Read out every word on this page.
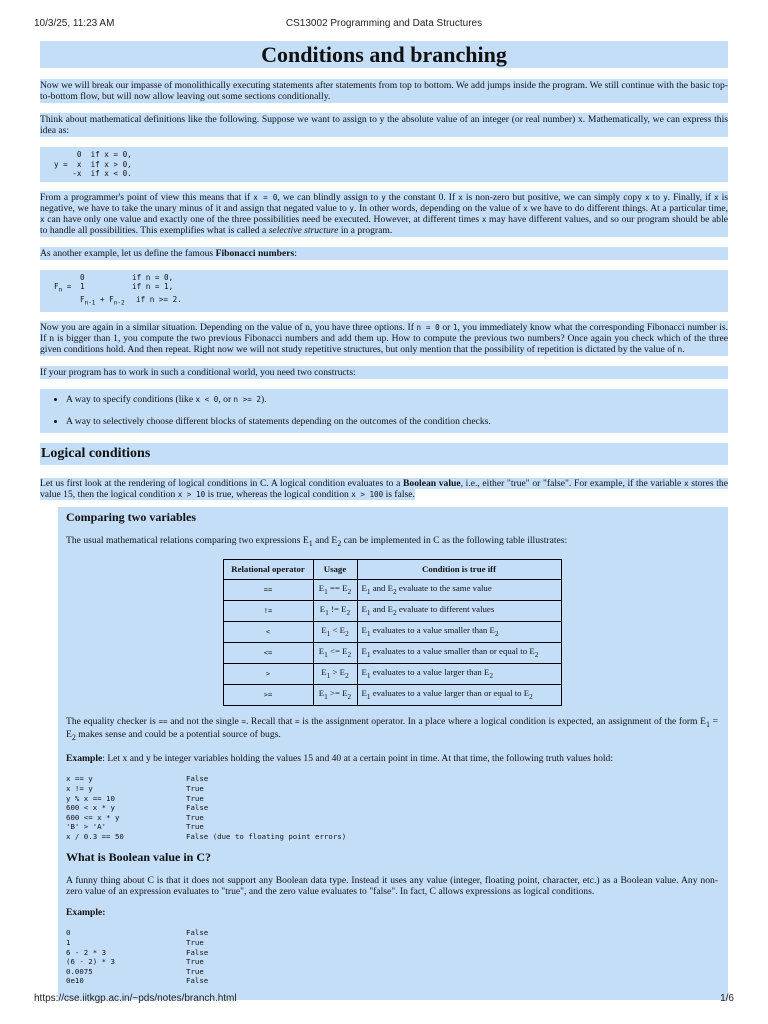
10/3/25, 11:23 AM	CS13002 Programming and Data Structures
Conditions and branching
Now we will break our impasse of monolithically executing statements after statements from top to bottom. We add jumps inside the program. We still continue with the basic top-to-bottom flow, but will now allow leaving out some sections conditionally.
Think about mathematical definitions like the following. Suppose we want to assign to y the absolute value of an integer (or real number) x. Mathematically, we can express this idea as:
0  if x = 0,
y =  x  if x > 0,
-x  if x < 0.
From a programmer's point of view this means that if x = 0, we can blindly assign to y the constant 0. If x is non-zero but positive, we can simply copy x to y. Finally, if x is negative, we have to take the unary minus of it and assign that negated value to y. In other words, depending on the value of x we have to do different things. At a particular time, x can have only one value and exactly one of the three possibilities need be executed. However, at different times x may have different values, and so our program should be able to handle all possibilities. This exemplifies what is called a selective structure in a program.
As another example, let us define the famous Fibonacci numbers:
0	if n = 0,
$F_n = 1$	if n = 1,
$F_{n-1} + F_{n-2}$	if n >= 2.
Now you are again in a similar situation. Depending on the value of n, you have three options. If n = 0 or 1, you immediately know what the corresponding Fibonacci number is. If n is bigger than 1, you compute the two previous Fibonacci numbers and add them up. How to compute the previous two numbers? Once again you check which of the three given conditions hold. And then repeat. Right now we will not study repetitive structures, but only mention that the possibility of repetition is dictated by the value of n.
If your program has to work in such a conditional world, you need two constructs:
• A way to specify conditions (like x < 0, or n >= 2).
• A way to selectively choose different blocks of statements depending on the outcomes of the condition checks.
Logical conditions
Let us first look at the rendering of logical conditions in C. A logical condition evaluates to a Boolean value, i.e., either "true" or "false". For example, if the variable x stores the value 15, then the logical condition x > 10 is true, whereas the logical condition x > 100 is false.
Comparing two variables
The usual mathematical relations comparing two expressions $E_1$ and $E_2$ can be implemented in C as the following table illustrates:
Relational operator	Usage	Condition is true iff
==	$E_1 == E_2$	$E_1$ and $E_2$ evaluate to the same value
!=	$E_1$ != $E_2$	$E_1$ and $E_2$ evaluate to different values
<	$E_1 < E_2$	$E_1$ evaluates to a value smaller than $E_2$
<=	$E_1 <= E_2$	$E_1$ evaluates to a value smaller than or equal to $E_2$
>	$E_1 > E_2$	$E_1$ evaluates to a value larger than $E_2$
>=	$E_1 >= E_2$	$E_1$ evaluates to a value larger than or equal to $E_2$
The equality checker is == and not the single =. Recall that = is the assignment operator. In a place where a logical condition is expected, an assignment of the form $E_1 = E_2$ makes sense and could be a potential source of bugs.
Example: Let x and y be integer variables holding the values 15 and 40 at a certain point in time. At that time, the following truth values hold:
x == y	False
x != y	True
y % x == 10	True
600 < x * y	False
600 <= x * y	True
'B' > 'A'	True
x / 0.3 == 50	False (due to floating point errors)
What is Boolean value in C?
A funny thing about C is that it does not support any Boolean data type. Instead it uses any value (integer, floating point, character, etc.) as a Boolean value. Any non-zero value of an expression evaluates to "true", and the zero value evaluates to "false". In fact, C allows expressions as logical conditions.
Example:
0	False
1	True
6 - 2 * 3	False
(6 - 2) * 3	True
0.0075	True
0e10	False
https://cse.iitkgp.ac.in/~pds/notes/branch.html	1/6
